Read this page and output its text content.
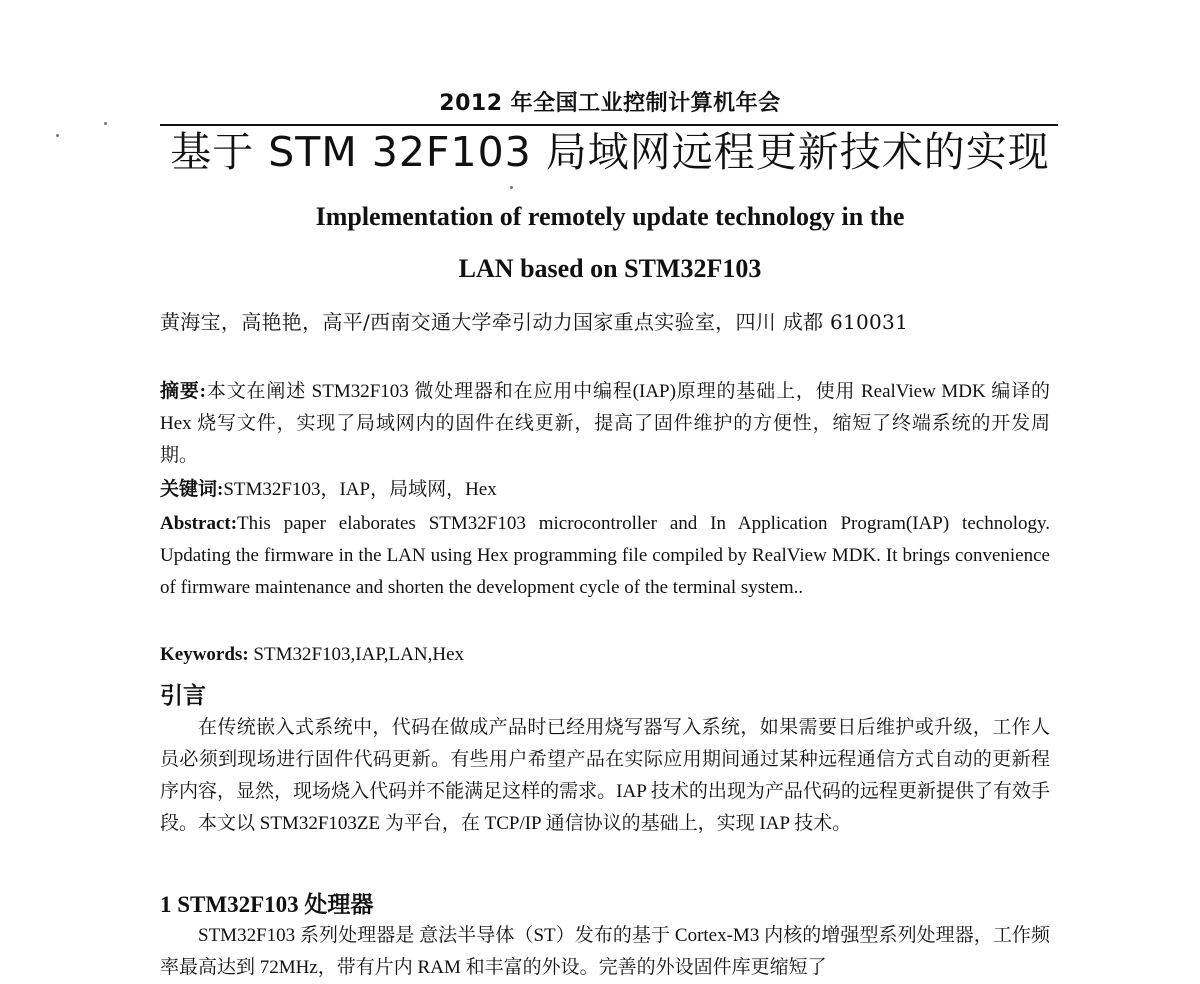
2012 年全国工业控制计算机年会
基于 STM 32F103 局域网远程更新技术的实现
Implementation of remotely update technology in the
LAN based on STM32F103
黄海宝，高艳艳，高平/西南交通大学牵引动力国家重点实验室，四川 成都 610031
摘要:本文在阐述 STM32F103 微处理器和在应用中编程(IAP)原理的基础上，使用 RealView MDK 编译的 Hex 烧写文件，实现了局域网内的固件在线更新，提高了固件维护的方便性，缩短了终端系统的开发周期。
关键词:STM32F103，IAP，局域网，Hex
Abstract:This paper elaborates STM32F103 microcontroller and In Application Program(IAP) technology. Updating the firmware in the LAN using Hex programming file compiled by RealView MDK. It brings convenience of firmware maintenance and shorten the development cycle of the terminal system..
Keywords: STM32F103,IAP,LAN,Hex
引言
在传统嵌入式系统中，代码在做成产品时已经用烧写器写入系统，如果需要日后维护或升级，工作人员必须到现场进行固件代码更新。有些用户希望产品在实际应用期间通过某种远程通信方式自动的更新程序内容，显然，现场烧入代码并不能满足这样的需求。IAP 技术的出现为产品代码的远程更新提供了有效手段。本文以 STM32F103ZE 为平台，在 TCP/IP 通信协议的基础上，实现 IAP 技术。
1 STM32F103 处理器
STM32F103 系列处理器是 意法半导体（ST）发布的基于 Cortex-M3 内核的增强型系列处理器，工作频率最高达到 72MHz，带有片内 RAM 和丰富的外设。完善的外设固件库更缩短了
